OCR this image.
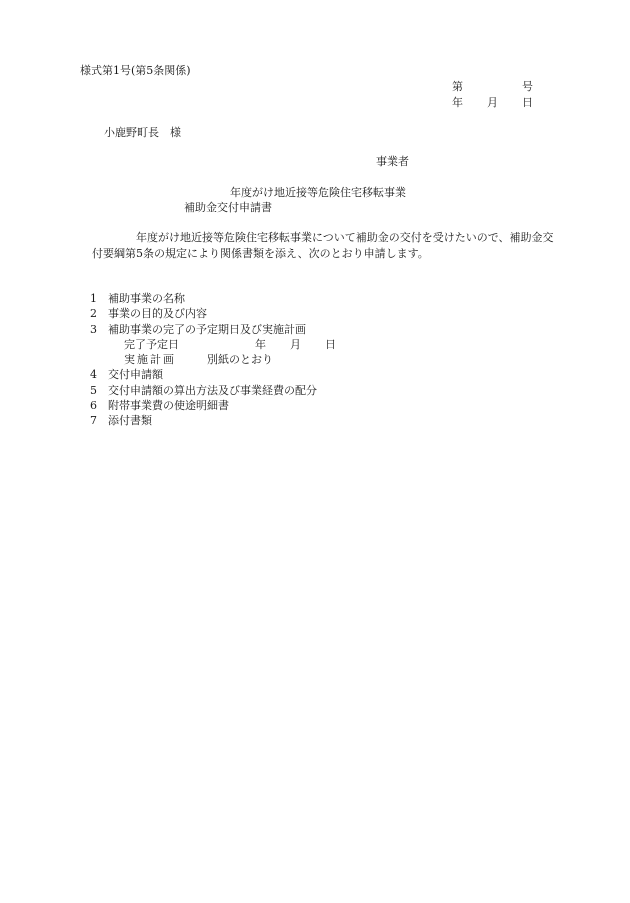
様式第1号(第5条関係)
第	号
年 月 日
小鹿野町長　様
事業者
年度がけ地近接等危険住宅移転事業
補助金交付申請書
年度がけ地近接等危険住宅移転事業について補助金の交付を受けたいので、補助金交付要綱第5条の規定により関係書類を添え、次のとおり申請します。
1 補助事業の名称
2 事業の目的及び内容
3 補助事業の完了の予定期日及び実施計画
完了予定日	年 月 日
実施計画	別紙のとおり
4 交付申請額
5 交付申請額の算出方法及び事業経費の配分
6 附帯事業費の使途明細書
7 添付書類
